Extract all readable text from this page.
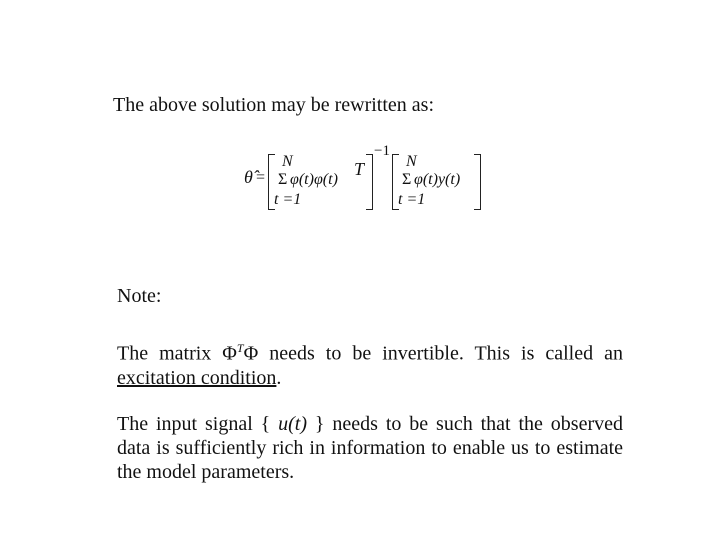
The above solution may be rewritten as:
θ̂ =
N
Σ φ(t)φ(t)
T
t =1
−1
N
Σ φ(t)y(t)
t =1
Note:
The matrix $\Phi^T\Phi$ needs to be invertible. This is called an excitation condition.
The input signal { u(t) } needs to be such that the observed data is sufficiently rich in information to enable us to estimate the model parameters.
